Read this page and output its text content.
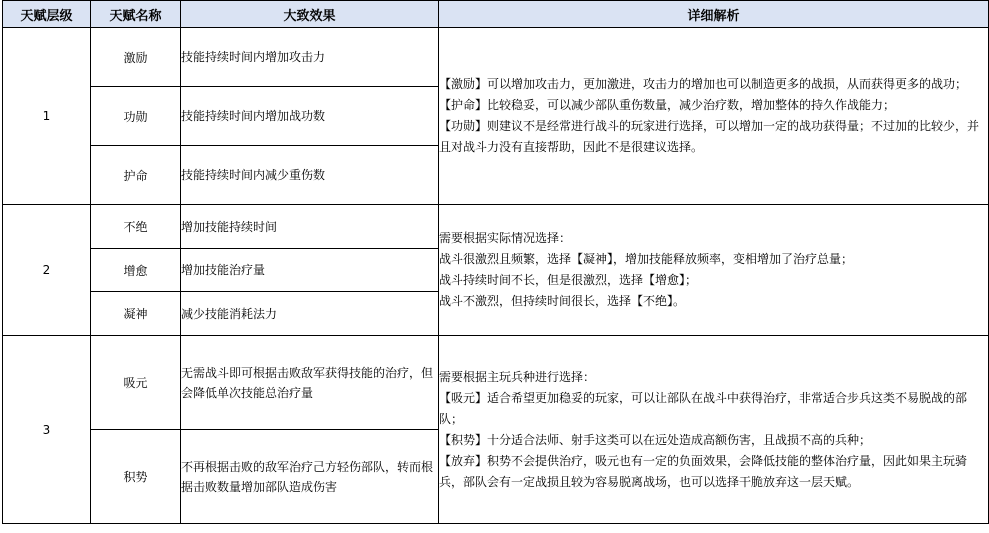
天赋层级	天赋名称	大致效果	详细解析
1	激励	技能持续时间内增加攻击力	【激励】可以增加攻击力，更加激进，攻击力的增加也可以制造更多的战损，从而获得更多的战功；
【护命】比较稳妥，可以减少部队重伤数量，减少治疗数，增加整体的持久作战能力；
【功勋】则建议不是经常进行战斗的玩家进行选择，可以增加一定的战功获得量；不过加的比较少，并且对战斗力没有直接帮助，因此不是很建议选择。

	功勋	技能持续时间内增加战功数	
	护命	技能持续时间内减少重伤数	
2	不绝	增加技能持续时间	需要根据实际情况选择：
战斗很激烈且频繁，选择【凝神】，增加技能释放频率，变相增加了治疗总量；
战斗持续时间不长，但是很激烈，选择【增愈】；
战斗不激烈，但持续时间很长，选择【不绝】。

	增愈	增加技能治疗量	
	凝神	减少技能消耗法力	
3	吸元	无需战斗即可根据击败敌军获得技能的治疗，但会降低单次技能总治疗量	需要根据主玩兵种进行选择：
【吸元】适合希望更加稳妥的玩家，可以让部队在战斗中获得治疗，非常适合步兵这类不易脱战的部队；
【积势】十分适合法师、射手这类可以在远处造成高额伤害，且战损不高的兵种；
【放弃】积势不会提供治疗，吸元也有一定的负面效果，会降低技能的整体治疗量，因此如果主玩骑兵，部队会有一定战损且较为容易脱离战场，也可以选择干脆放弃这一层天赋。

	积势	不再根据击败的敌军治疗己方轻伤部队，转而根据击败数量增加部队造成伤害	
